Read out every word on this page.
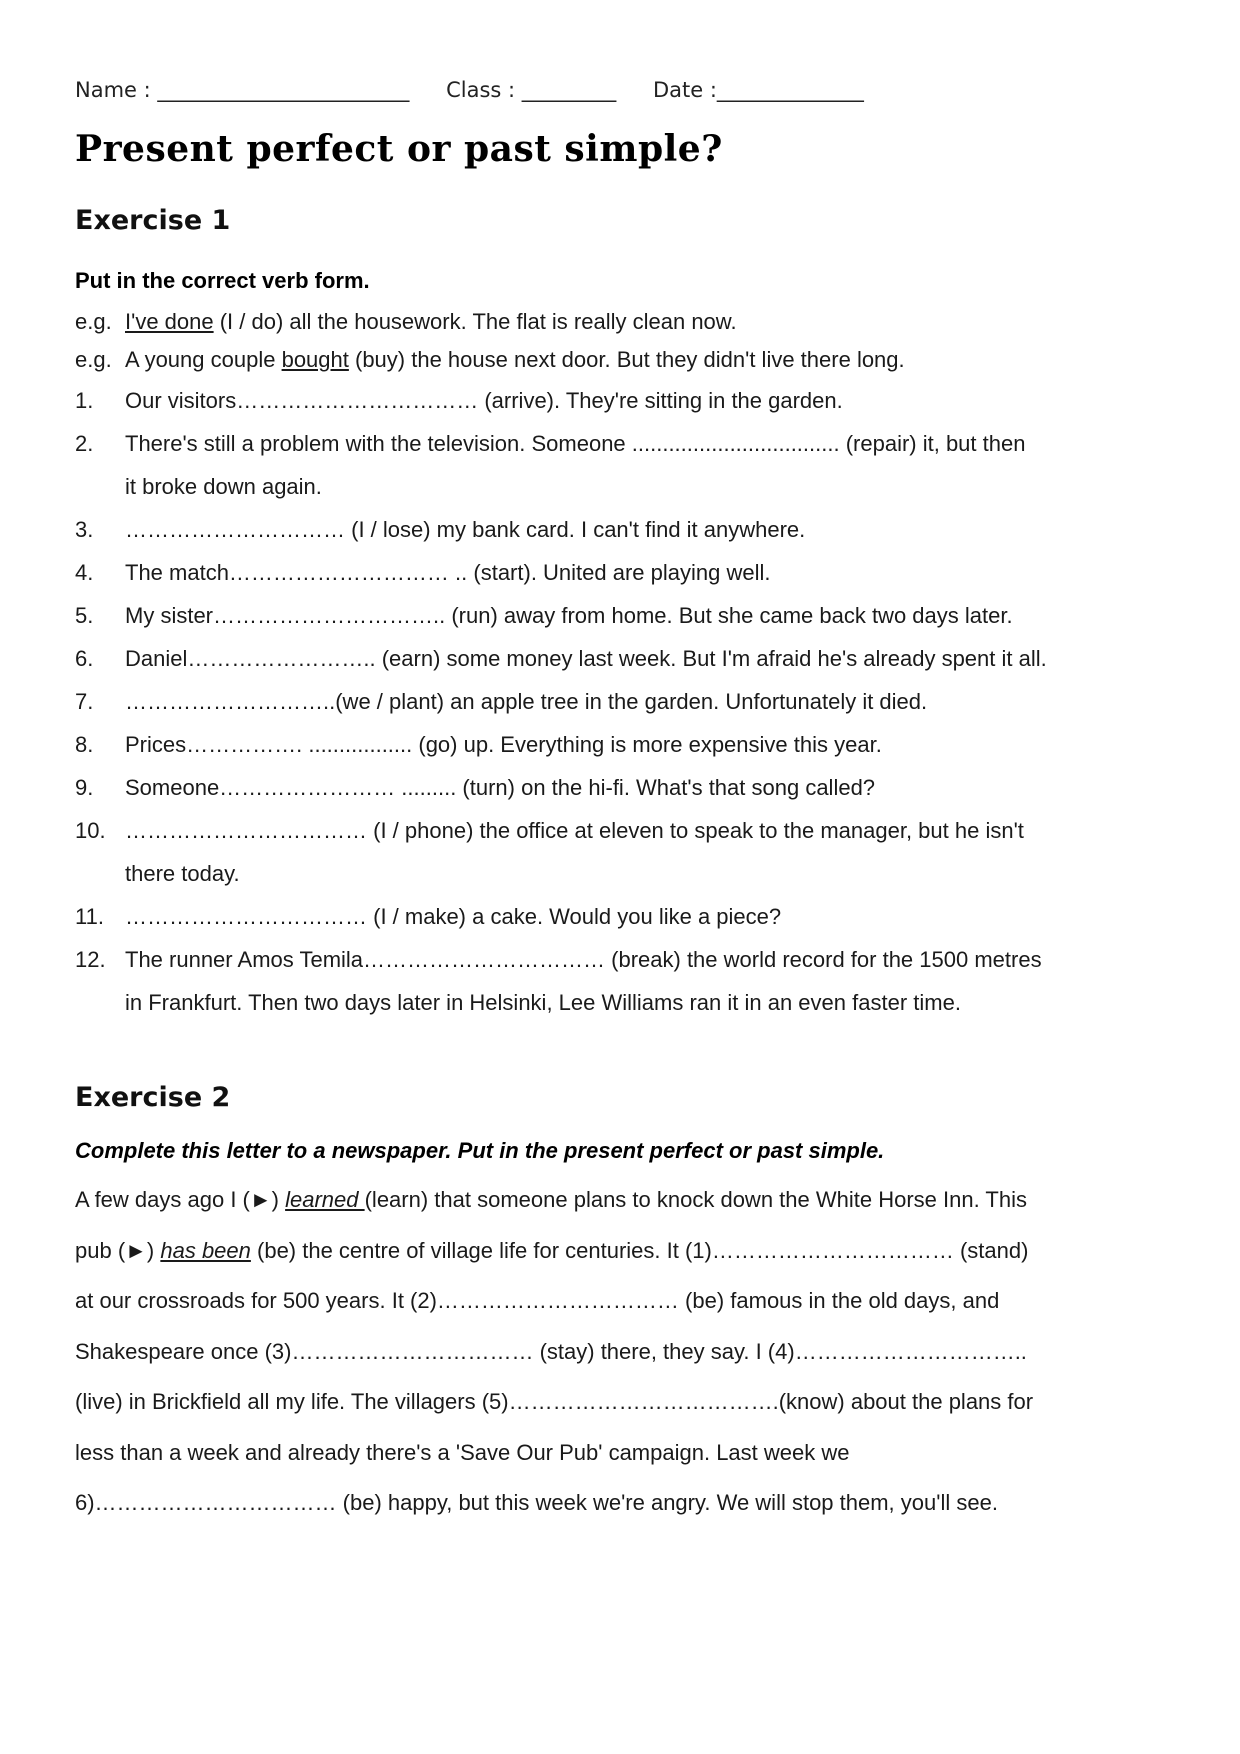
Name : ________________________ Class : _________ Date :______________
Present perfect or past simple?
Exercise 1

Put in the correct verb form.

e.g. I've done (I / do) all the housework. The flat is really clean now.
e.g. A young couple bought (buy) the house next door. But they didn't live there long.
1.	Our visitors…………………………… (arrive). They're sitting in the garden.
2.	There's still a problem with the television. Someone .................................. (repair) it, but then
it broke down again.
3.	………………………… (I / lose) my bank card. I can't find it anywhere.
4.	The match………………………… .. (start). United are playing well.
5.	My sister………………………….. (run) away from home. But she came back two days later.
6.	Daniel…………………….. (earn) some money last week. But I'm afraid he's already spent it all.
7.	………………………..(we / plant) an apple tree in the garden. Unfortunately it died.
8.	Prices……………. ................. (go) up. Everything is more expensive this year.
9.	Someone…………………… ......... (turn) on the hi-fi. What's that song called?
10. …………………………… (I / phone) the office at eleven to speak to the manager, but he isn't
there today.
11. …………………………… (I / make) a cake. Would you like a piece?
12. The runner Amos Temila…………………………… (break) the world record for the 1500 metres
in Frankfurt. Then two days later in Helsinki, Lee Williams ran it in an even faster time.
Exercise 2

Complete this letter to a newspaper. Put in the present perfect or past simple.

A few days ago I (►) learned (learn) that someone plans to knock down the White Horse Inn. This
pub (►) has been (be) the centre of village life for centuries. It (1)…………………………… (stand)
at our crossroads for 500 years. It (2)…………………………… (be) famous in the old days, and
Shakespeare once (3)…………………………… (stay) there, they say. I (4)…………………………..
(live) in Brickfield all my life. The villagers (5)……………………………….(know) about the plans for
less than a week and already there's a 'Save Our Pub' campaign. Last week we
6)…………………………… (be) happy, but this week we're angry. We will stop them, you'll see.
